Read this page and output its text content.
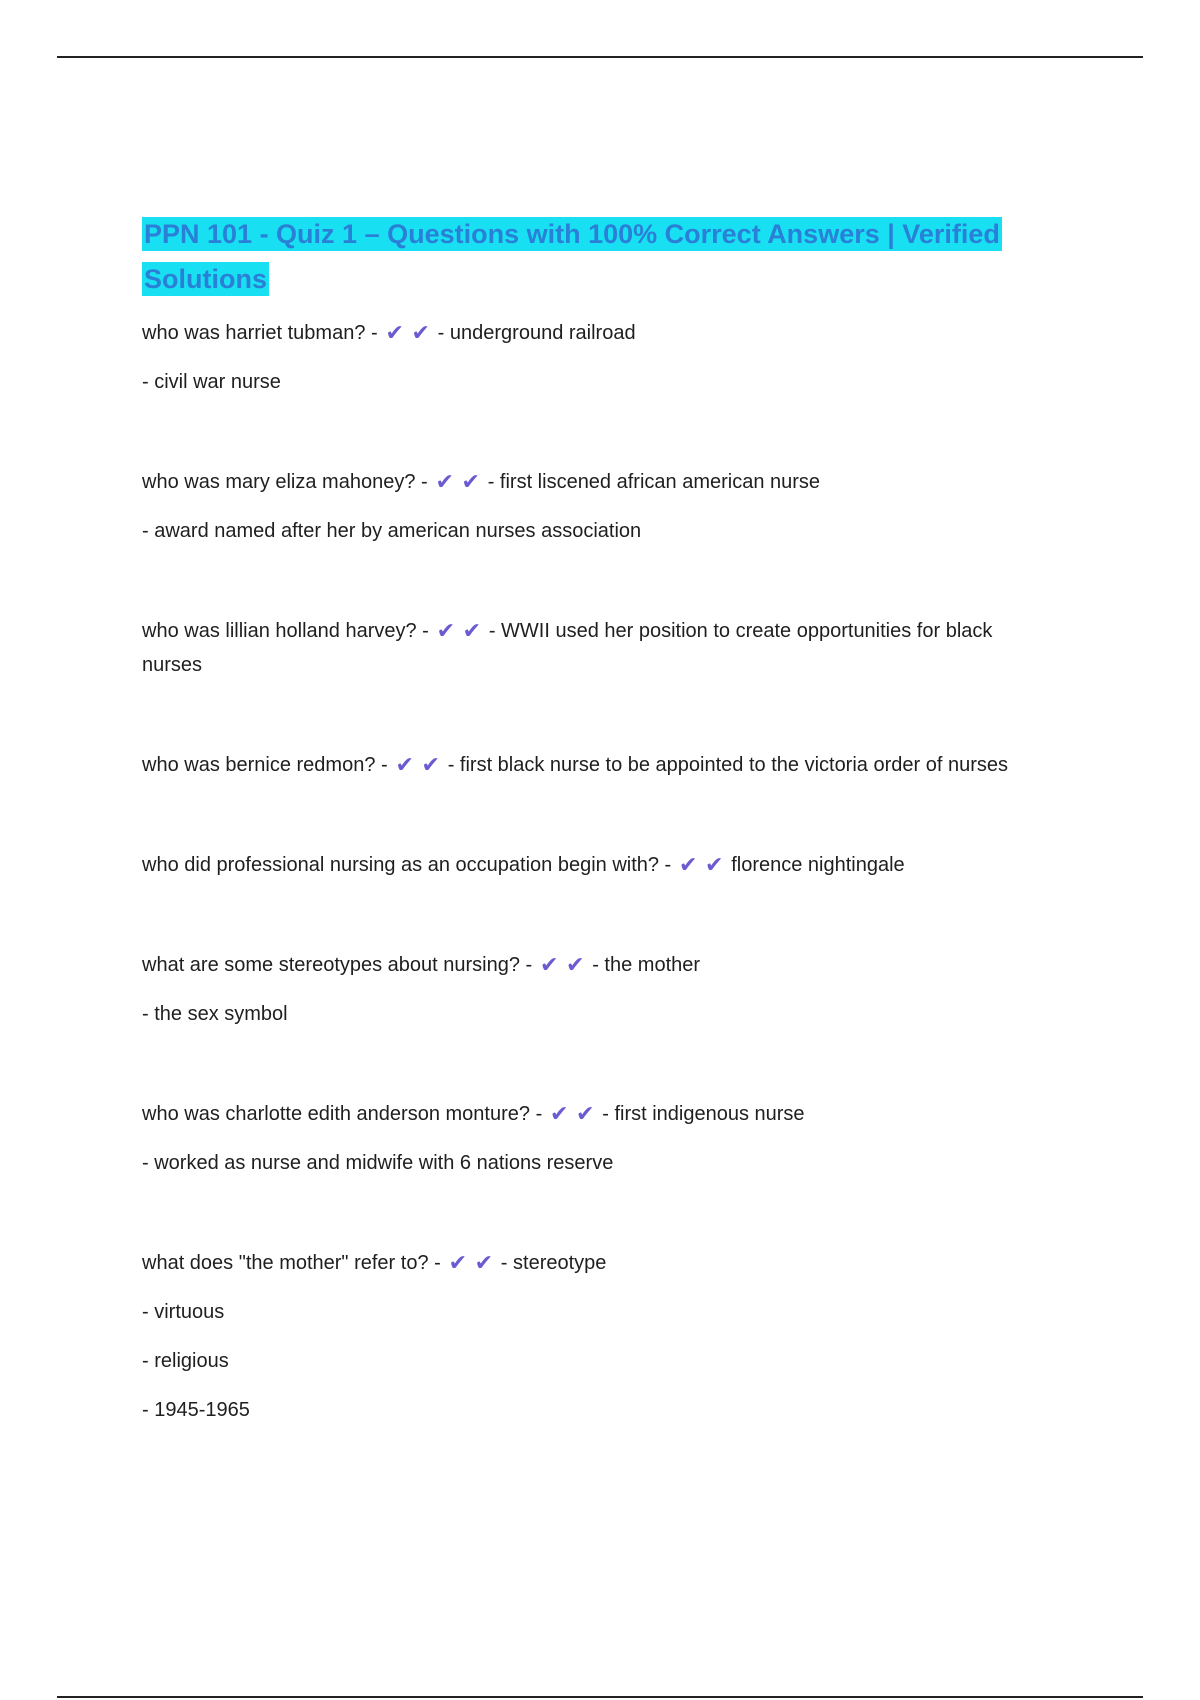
PPN 101 - Quiz 1 – Questions with 100% Correct Answers | Verified Solutions
who was harriet tubman? - ✔ ✔ - underground railroad
- civil war nurse
who was mary eliza mahoney? - ✔ ✔ - first liscened african american nurse
- award named after her by american nurses association
who was lillian holland harvey? - ✔ ✔ - WWII used her position to create opportunities for black nurses
who was bernice redmon? - ✔ ✔ - first black nurse to be appointed to the victoria order of nurses
who did professional nursing as an occupation begin with? - ✔ ✔ florence nightingale
what are some stereotypes about nursing? - ✔ ✔ - the mother
- the sex symbol
who was charlotte edith anderson monture? - ✔ ✔ - first indigenous nurse
- worked as nurse and midwife with 6 nations reserve
what does "the mother" refer to? - ✔ ✔ - stereotype
- virtuous
- religious
- 1945-1965
